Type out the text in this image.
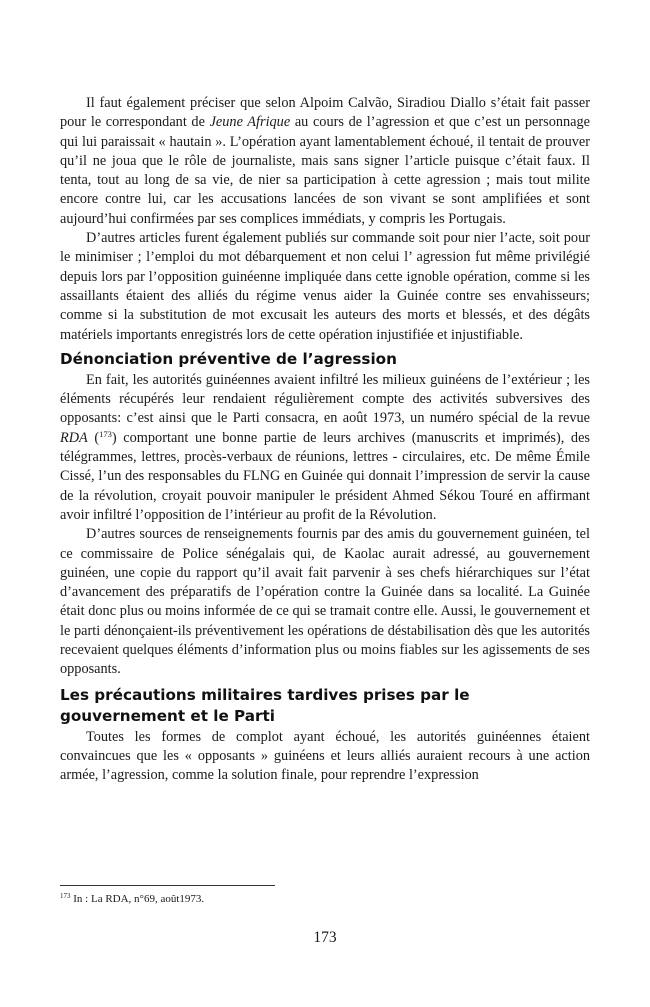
Il faut également préciser que selon Alpoim Calvão, Siradiou Diallo s’était fait passer pour le correspondant de Jeune Afrique au cours de l’agression et que c’est un personnage qui lui paraissait « hautain ». L’opération ayant lamentablement échoué, il tentait de prouver qu’il ne joua que le rôle de journaliste, mais sans signer l’article puisque c’était faux. Il tenta, tout au long de sa vie, de nier sa participation à cette agression ; mais tout milite encore contre lui, car les accusations lancées de son vivant se sont amplifiées et sont aujourd’hui confirmées par ses complices immédiats, y compris les Portugais.

D’autres articles furent également publiés sur commande soit pour nier l’acte, soit pour le minimiser ; l’emploi du mot débarquement et non celui l’ agression fut même privilégié depuis lors par l’opposition guinéenne impliquée dans cette ignoble opération, comme si les assaillants étaient des alliés du régime venus aider la Guinée contre ses envahisseurs; comme si la substitution de mot excusait les auteurs des morts et blessés, et des dégâts matériels importants enregistrés lors de cette opération injustifiée et injustifiable.

Dénonciation préventive de l’agression

En fait, les autorités guinéennes avaient infiltré les milieux guinéens de l’extérieur ; les éléments récupérés leur rendaient régulièrement compte des activités subversives des opposants: c’est ainsi que le Parti consacra, en août 1973, un numéro spécial de la revue RDA ($^{173}$) comportant une bonne partie de leurs archives (manuscrits et imprimés), des télégrammes, lettres, procès-verbaux de réunions, lettres - circulaires, etc. De même Émile Cissé, l’un des responsables du FLNG en Guinée qui donnait l’impression de servir la cause de la révolution, croyait pouvoir manipuler le président Ahmed Sékou Touré en affirmant avoir infiltré l’opposition de l’intérieur au profit de la Révolution.

D’autres sources de renseignements fournis par des amis du gouvernement guinéen, tel ce commissaire de Police sénégalais qui, de Kaolac aurait adressé, au gouvernement guinéen, une copie du rapport qu’il avait fait parvenir à ses chefs hiérarchiques sur l’état d’avancement des préparatifs de l’opération contre la Guinée dans sa localité. La Guinée était donc plus ou moins informée de ce qui se tramait contre elle. Aussi, le gouvernement et le parti dénonçaient-ils préventivement les opérations de déstabilisation dès que les autorités recevaient quelques éléments d’information plus ou moins fiables sur les agissements de ses opposants.

Les précautions militaires tardives prises par le gouvernement et le Parti

Toutes les formes de complot ayant échoué, les autorités guinéennes étaient convaincues que les « opposants » guinéens et leurs alliés auraient recours à une action armée, l’agression, comme la solution finale, pour reprendre l’expression

$^{173}$ In : La RDA, n°69, août1973.
173
